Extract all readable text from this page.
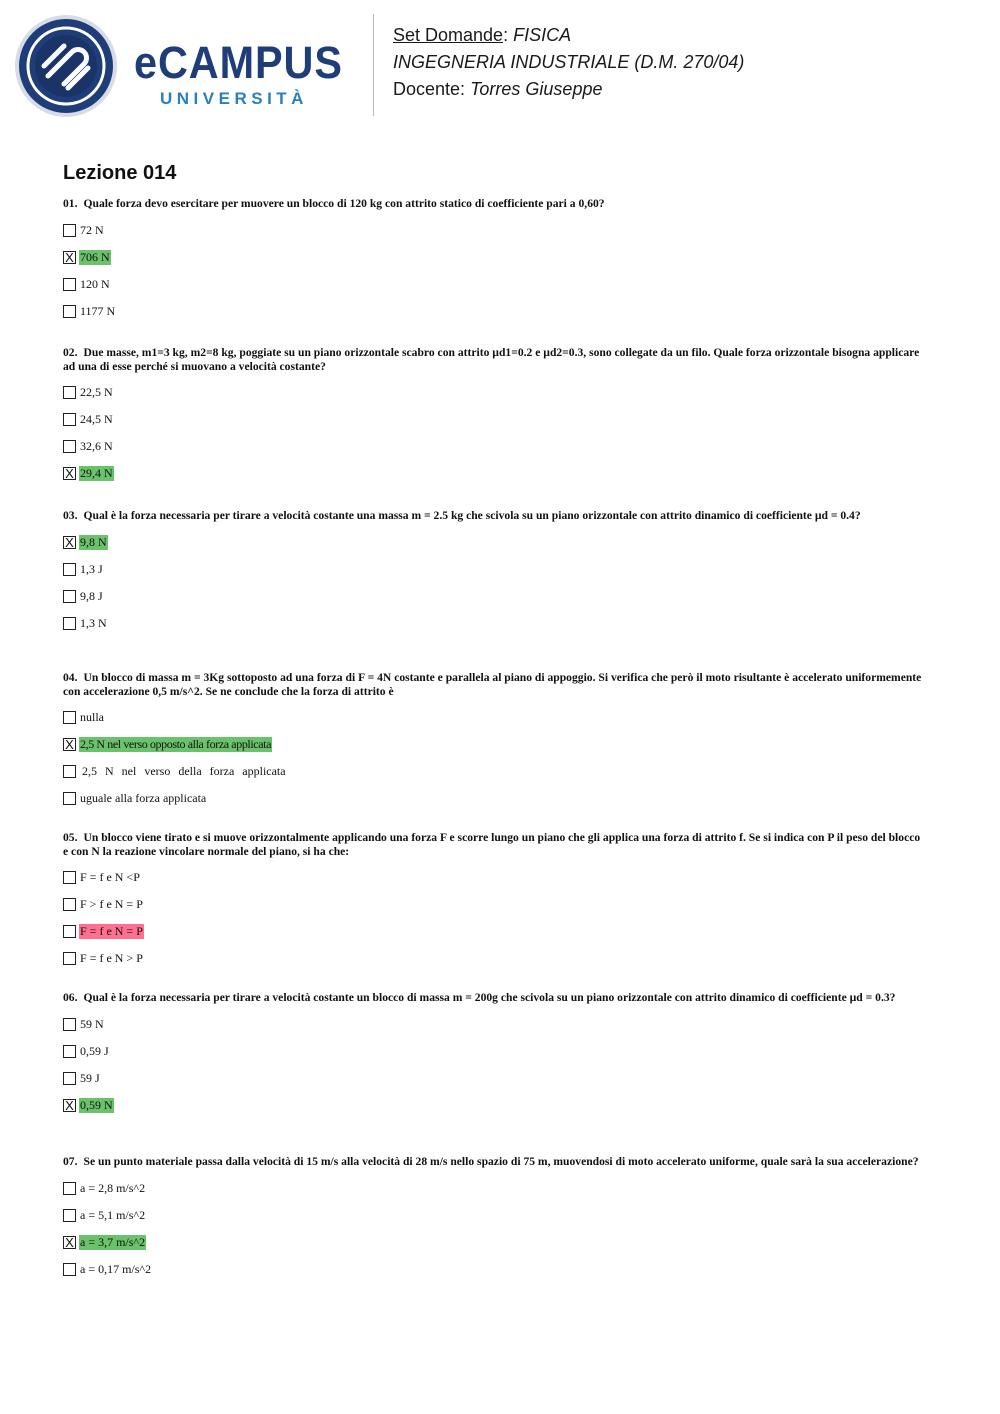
eCAMPUS
UNIVERSITÀ
Set Domande: FISICA
INGEGNERIA INDUSTRIALE (D.M. 270/04)
Docente: Torres Giuseppe
Lezione 014

01. Quale forza devo esercitare per muovere un blocco di 120 kg con attrito statico di coefficiente pari a 0,60?

72 N
X 706 N
120 N
1177 N

02. Due masse, m1=3 kg, m2=8 kg, poggiate su un piano orizzontale scabro con attrito µd1=0.2 e µd2=0.3, sono collegate da un filo. Quale forza orizzontale bisogna applicare ad una di esse perché si muovano a velocità costante?

22,5 N
24,5 N
32,6 N
X 29,4 N

03. Qual è la forza necessaria per tirare a velocità costante una massa m = 2.5 kg che scivola su un piano orizzontale con attrito dinamico di coefficiente µd = 0.4?

X 9,8 N
1,3 J
9,8 J
1,3 N

04. Un blocco di massa m = 3Kg sottoposto ad una forza di F = 4N costante e parallela al piano di appoggio. Si verifica che però il moto risultante è accelerato uniformemente con accelerazione 0,5 m/s^2. Se ne conclude che la forza di attrito è

nulla
X 2,5 N nel verso opposto alla forza applicata
2,5 N nel verso della forza applicata
uguale alla forza applicata

05. Un blocco viene tirato e si muove orizzontalmente applicando una forza F e scorre lungo un piano che gli applica una forza di attrito f. Se si indica con P il peso del blocco e con N la reazione vincolare normale del piano, si ha che:

F = f e N <P
F > f e N = P
F = f e N = P
F = f e N > P

06. Qual è la forza necessaria per tirare a velocità costante un blocco di massa m = 200g che scivola su un piano orizzontale con attrito dinamico di coefficiente µd = 0.3?

59 N
0,59 J
59 J
X 0,59 N

07. Se un punto materiale passa dalla velocità di 15 m/s alla velocità di 28 m/s nello spazio di 75 m, muovendosi di moto accelerato uniforme, quale sarà la sua accelerazione?

a = 2,8 m/s^2
a = 5,1 m/s^2
X a = 3,7 m/s^2
a = 0,17 m/s^2
